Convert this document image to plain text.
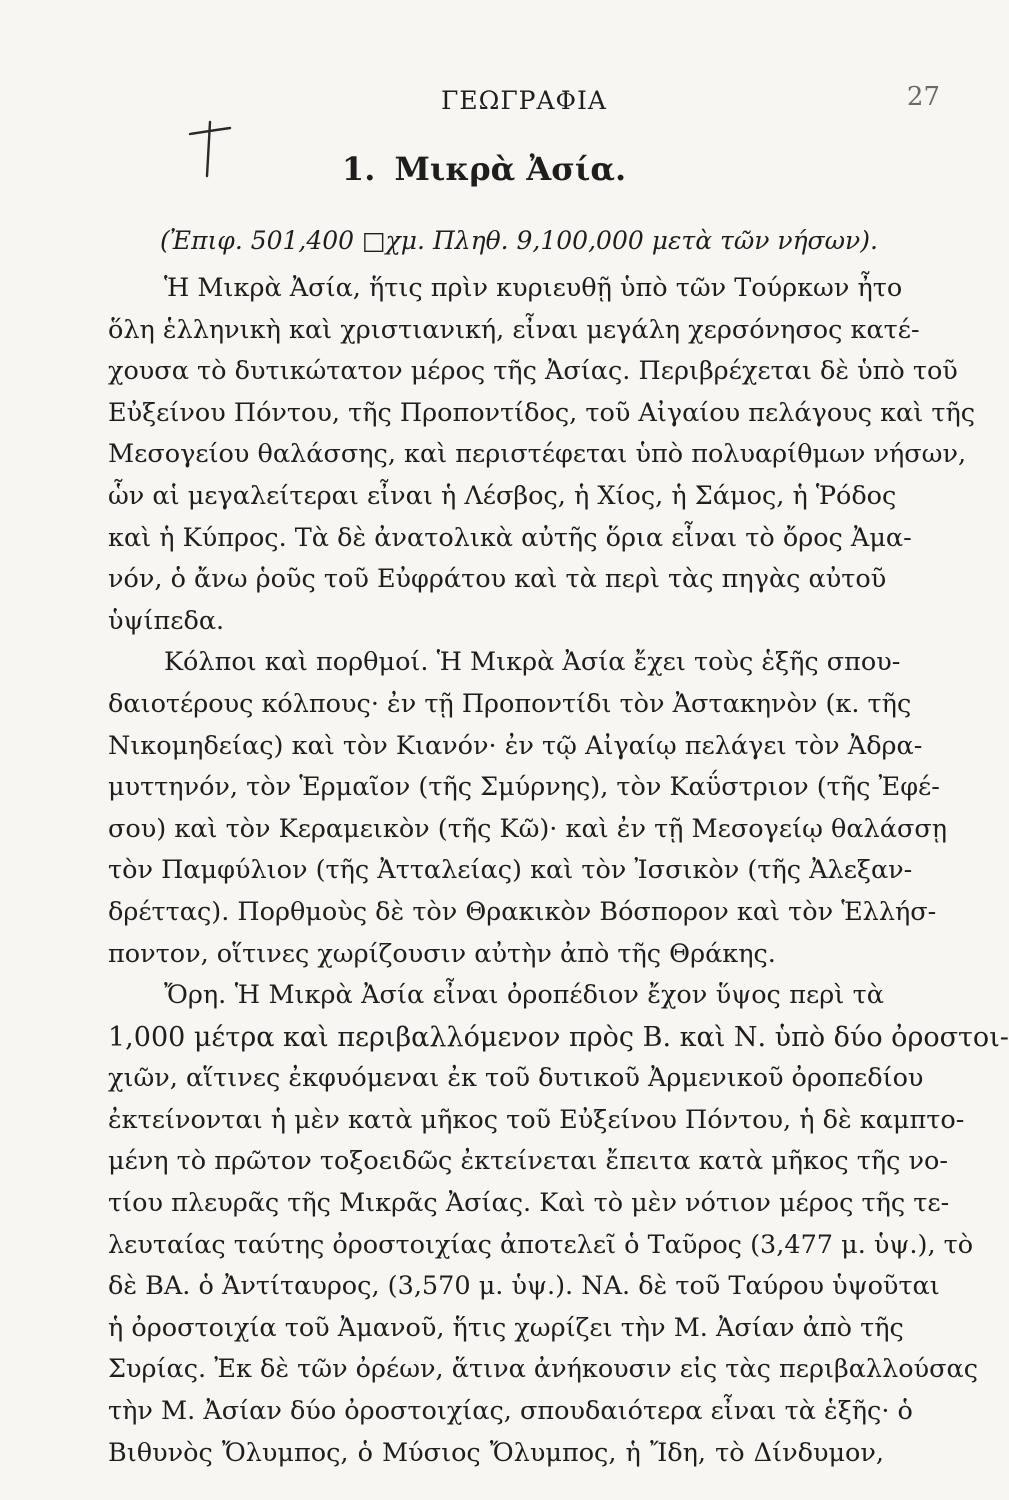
ΓΕΩΓΡΑΦΙΑ	27
1. Μικρὰ Ἀσία.
(Ἐπιφ. 501,400 □χμ. Πληθ. 9,100,000 μετὰ τῶν νήσων).
Ἡ Μικρὰ Ἀσία, ἥτις πρὶν κυριευθῇ ὑπὸ τῶν Τούρκων ἦτο
ὅλη ἑλληνικὴ καὶ χριστιανική, εἶναι μεγάλη χερσόνησος κατέ-
χουσα τὸ δυτικώτατον μέρος τῆς Ἀσίας. Περιβρέχεται δὲ ὑπὸ τοῦ
Εὐξείνου Πόντου, τῆς Προποντίδος, τοῦ Αἰγαίου πελάγους καὶ τῆς
Μεσογείου θαλάσσης, καὶ περιστέφεται ὑπὸ πολυαρίθμων νήσων,
ὧν αἱ μεγαλείτεραι εἶναι ἡ Λέσβος, ἡ Χίος, ἡ Σάμος, ἡ Ῥόδος
καὶ ἡ Κύπρος. Τὰ δὲ ἀνατολικὰ αὐτῆς ὅρια εἶναι τὸ ὄρος Ἀμα-
νόν, ὁ ἄνω ῥοῦς τοῦ Εὐφράτου καὶ τὰ περὶ τὰς πηγὰς αὐτοῦ
ὑψίπεδα.
Κόλποι καὶ πορθμοί. Ἡ Μικρὰ Ἀσία ἔχει τοὺς ἑξῆς σπου-
δαιοτέρους κόλπους· ἐν τῇ Προποντίδι τὸν Ἀστακηνὸν (κ. τῆς
Νικομηδείας) καὶ τὸν Κιανόν· ἐν τῷ Αἰγαίῳ πελάγει τὸν Ἀδρα-
μυττηνόν, τὸν Ἑρμαῖον (τῆς Σμύρνης), τὸν Καΰστριον (τῆς Ἐφέ-
σου) καὶ τὸν Κεραμεικὸν (τῆς Κῶ)· καὶ ἐν τῇ Μεσογείῳ θαλάσσῃ
τὸν Παμφύλιον (τῆς Ἀτταλείας) καὶ τὸν Ἰσσικὸν (τῆς Ἀλεξαν-
δρέττας). Πορθμοὺς δὲ τὸν Θρακικὸν Βόσπορον καὶ τὸν Ἑλλήσ-
ποντον, οἵτινες χωρίζουσιν αὐτὴν ἀπὸ τῆς Θράκης.
Ὄρη. Ἡ Μικρὰ Ἀσία εἶναι ὀροπέδιον ἔχον ὕψος περὶ τὰ
1,000 μέτρα καὶ περιβαλλόμενον πρὸς Β. καὶ Ν. ὑπὸ δύο ὀροστοι-
χιῶν, αἵτινες ἐκφυόμεναι ἐκ τοῦ δυτικοῦ Ἀρμενικοῦ ὀροπεδίου
ἐκτείνονται ἡ μὲν κατὰ μῆκος τοῦ Εὐξείνου Πόντου, ἡ δὲ καμπτο-
μένη τὸ πρῶτον τοξοειδῶς ἐκτείνεται ἔπειτα κατὰ μῆκος τῆς νο-
τίου πλευρᾶς τῆς Μικρᾶς Ἀσίας. Καὶ τὸ μὲν νότιον μέρος τῆς τε-
λευταίας ταύτης ὀροστοιχίας ἀποτελεῖ ὁ Ταῦρος (3,477 μ. ὑψ.), τὸ
δὲ ΒΑ. ὁ Ἀντίταυρος, (3,570 μ. ὑψ.). ΝΑ. δὲ τοῦ Ταύρου ὑψοῦται
ἡ ὀροστοιχία τοῦ Ἀμανοῦ, ἥτις χωρίζει τὴν Μ. Ἀσίαν ἀπὸ τῆς
Συρίας. Ἐκ δὲ τῶν ὀρέων, ἅτινα ἀνήκουσιν εἰς τὰς περιβαλλούσας
τὴν Μ. Ἀσίαν δύο ὀροστοιχίας, σπουδαιότερα εἶναι τὰ ἑξῆς· ὁ
Βιθυνὸς Ὄλυμπος, ὁ Μύσιος Ὄλυμπος, ἡ Ἴδη, τὸ Δίνδυμον,
